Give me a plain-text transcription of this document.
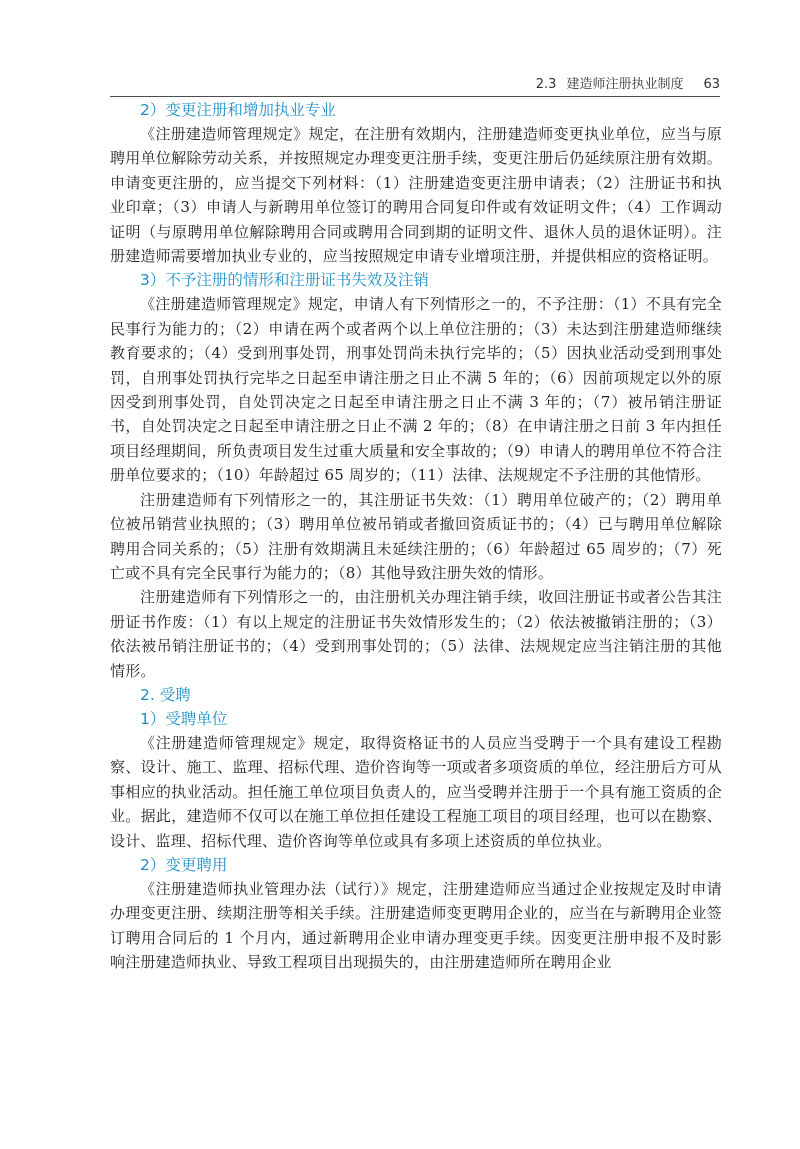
2.3 建造师注册执业制度 63
2）变更注册和增加执业专业

《注册建造师管理规定》规定，在注册有效期内，注册建造师变更执业单位，应当与原聘用单位解除劳动关系，并按照规定办理变更注册手续，变更注册后仍延续原注册有效期。申请变更注册的，应当提交下列材料：（1）注册建造变更注册申请表；（2）注册证书和执业印章；（3）申请人与新聘用单位签订的聘用合同复印件或有效证明文件；（4）工作调动证明（与原聘用单位解除聘用合同或聘用合同到期的证明文件、退休人员的退休证明）。注册建造师需要增加执业专业的，应当按照规定申请专业增项注册，并提供相应的资格证明。

3）不予注册的情形和注册证书失效及注销

《注册建造师管理规定》规定，申请人有下列情形之一的，不予注册：（1）不具有完全民事行为能力的；（2）申请在两个或者两个以上单位注册的；（3）未达到注册建造师继续教育要求的；（4）受到刑事处罚，刑事处罚尚未执行完毕的；（5）因执业活动受到刑事处罚，自刑事处罚执行完毕之日起至申请注册之日止不满 5 年的；（6）因前项规定以外的原因受到刑事处罚，自处罚决定之日起至申请注册之日止不满 3 年的；（7）被吊销注册证书，自处罚决定之日起至申请注册之日止不满 2 年的；（8）在申请注册之日前 3 年内担任项目经理期间，所负责项目发生过重大质量和安全事故的；（9）申请人的聘用单位不符合注册单位要求的；（10）年龄超过 65 周岁的；（11）法律、法规规定不予注册的其他情形。

注册建造师有下列情形之一的，其注册证书失效：（1）聘用单位破产的；（2）聘用单位被吊销营业执照的；（3）聘用单位被吊销或者撤回资质证书的；（4）已与聘用单位解除聘用合同关系的；（5）注册有效期满且未延续注册的；（6）年龄超过 65 周岁的；（7）死亡或不具有完全民事行为能力的；（8）其他导致注册失效的情形。

注册建造师有下列情形之一的，由注册机关办理注销手续，收回注册证书或者公告其注册证书作废：（1）有以上规定的注册证书失效情形发生的；（2）依法被撤销注册的；（3）依法被吊销注册证书的；（4）受到刑事处罚的；（5）法律、法规规定应当注销注册的其他情形。

2. 受聘
1）受聘单位

《注册建造师管理规定》规定，取得资格证书的人员应当受聘于一个具有建设工程勘察、设计、施工、监理、招标代理、造价咨询等一项或者多项资质的单位，经注册后方可从事相应的执业活动。担任施工单位项目负责人的，应当受聘并注册于一个具有施工资质的企业。据此，建造师不仅可以在施工单位担任建设工程施工项目的项目经理，也可以在勘察、设计、监理、招标代理、造价咨询等单位或具有多项上述资质的单位执业。

2）变更聘用

《注册建造师执业管理办法（试行）》规定，注册建造师应当通过企业按规定及时申请办理变更注册、续期注册等相关手续。注册建造师变更聘用企业的，应当在与新聘用企业签订聘用合同后的 1 个月内，通过新聘用企业申请办理变更手续。因变更注册申报不及时影响注册建造师执业、导致工程项目出现损失的，由注册建造师所在聘用企业
